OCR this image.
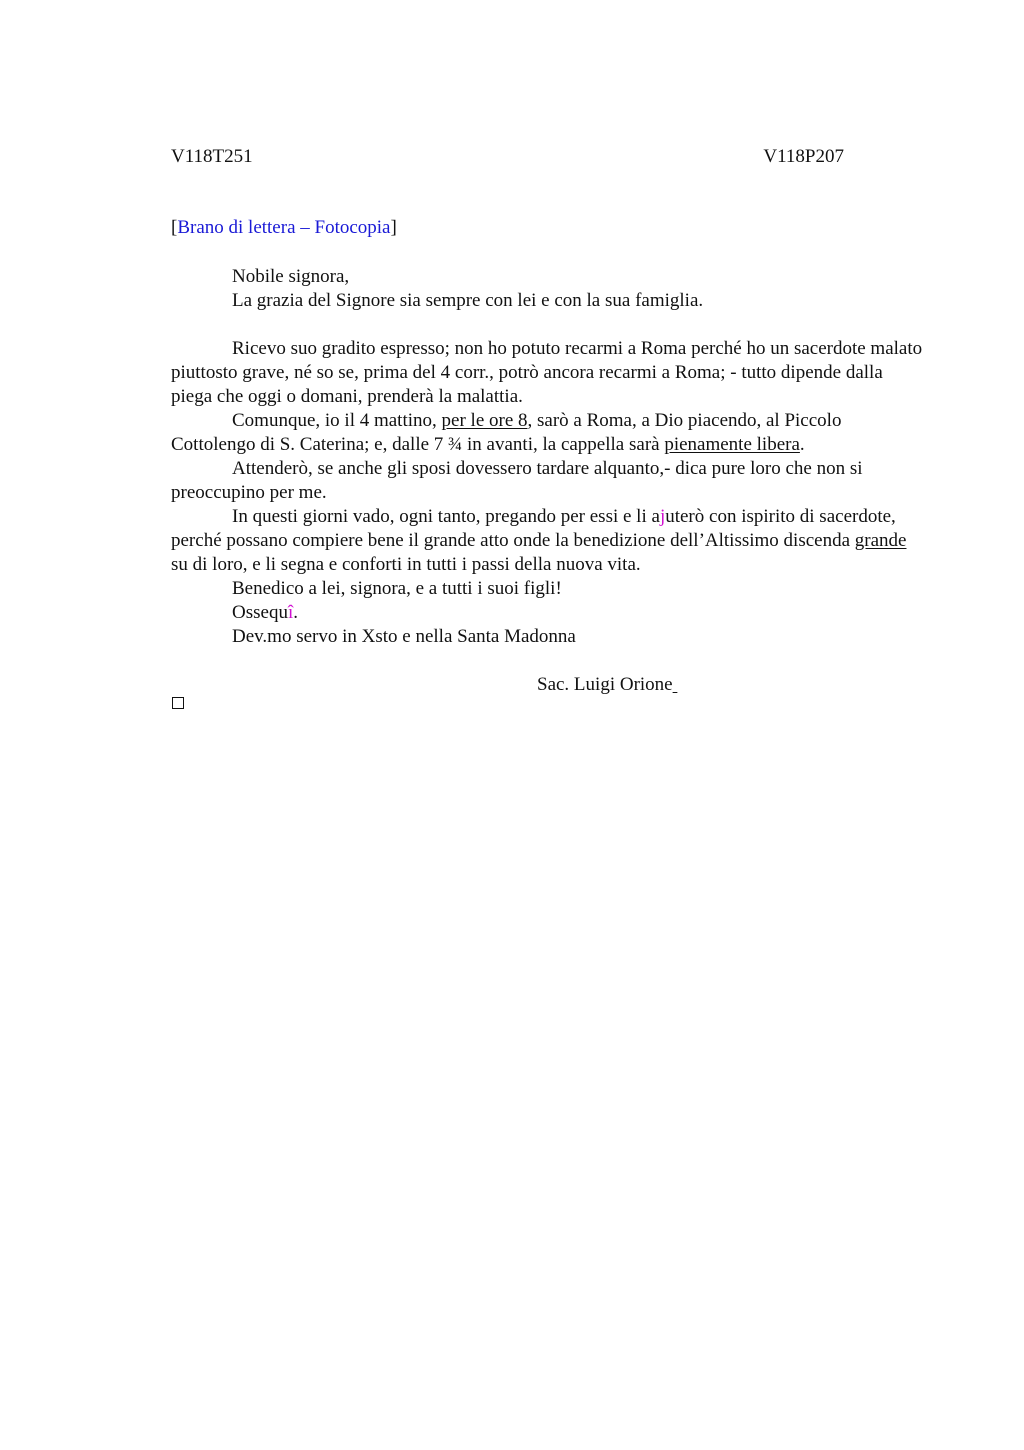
V118T251	V118P207
[Brano di lettera – Fotocopia]

Nobile signora,

La grazia del Signore sia sempre con lei e con la sua famiglia.

Ricevo suo gradito espresso; non ho potuto recarmi a Roma perché ho un sacerdote malato piuttosto grave, né so se, prima del 4 corr., potrò ancora recarmi a Roma; - tutto dipende dalla piega che oggi o domani, prenderà la malattia.

Comunque, io il 4 mattino, per le ore 8, sarò a Roma, a Dio piacendo, al Piccolo Cottolengo di S. Caterina; e, dalle 7 ¾ in avanti, la cappella sarà pienamente libera.

Attenderò, se anche gli sposi dovessero tardare alquanto,- dica pure loro che non si preoccupino per me.

In questi giorni vado, ogni tanto, pregando per essi e li ajuterò con ispirito di sacerdote, perché possano compiere bene il grande atto onde la benedizione dell’Altissimo discenda grande su di loro, e li segna e conforti in tutti i passi della nuova vita.

Benedico a lei, signora, e a tutti i suoi figli!

Ossequî.

Dev.mo servo in Xsto e nella Santa Madonna

Sac. Luigi Orione
